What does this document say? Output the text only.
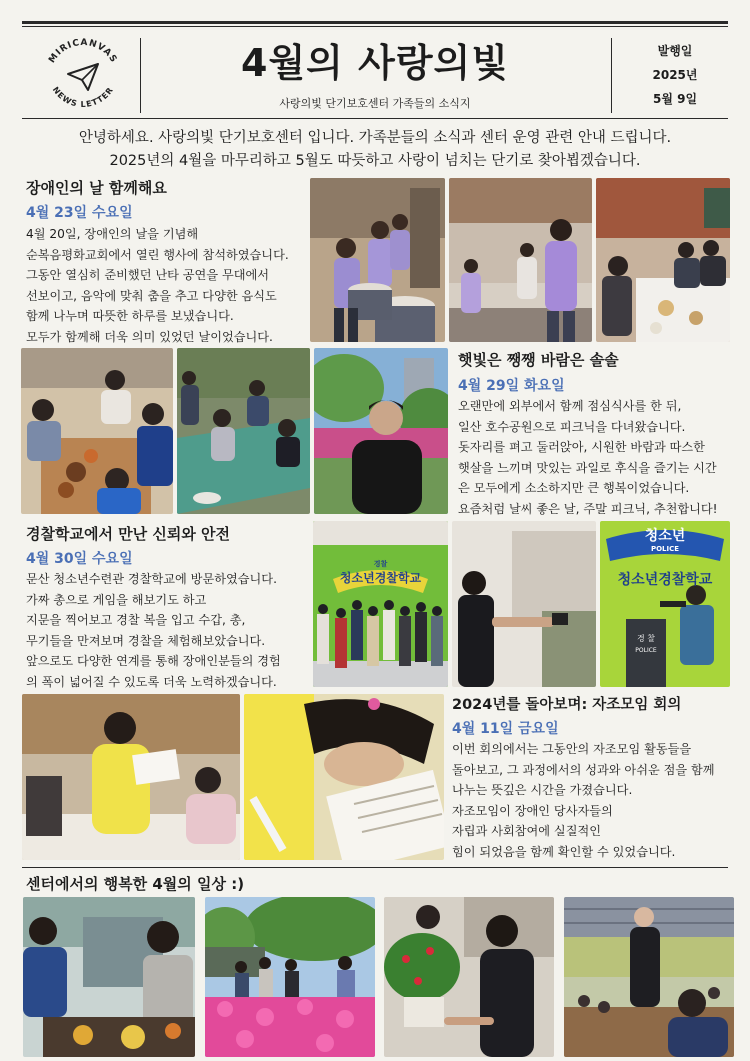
MIRICANVAS
NEWS LETTER
4월의 사랑의빛
사랑의빛 단기보호센터 가족들의 소식지
발행일
2025년
5월 9일
안녕하세요. 사랑의빛 단기보호센터 입니다. 가족분들의 소식과 센터 운영 관련 안내 드립니다.
2025년의 4월을 마무리하고 5월도 따듯하고 사랑이 넘치는 단기로 찾아뵙겠습니다.
장애인의 날 함께해요
4월 23일 수요일
4월 20일, 장애인의 날을 기념해
순복음평화교회에서 열린 행사에 참석하였습니다.
그동안 열심히 준비했던 난타 공연을 무대에서
선보이고, 음악에 맞춰 춤을 추고 다양한 음식도
함께 나누며 따뜻한 하루를 보냈습니다.
모두가 함께해 더욱 의미 있었던 날이었습니다.
햇빛은 쨍쨍 바람은 솔솔
4월 29일 화요일
오랜만에 외부에서 함께 점심식사를 한 뒤,
일산 호수공원으로 피크닉을 다녀왔습니다.
돗자리를 펴고 둘러앉아, 시원한 바람과 따스한
햇살을 느끼며 맛있는 과일로 후식을 즐기는 시간
은 모두에게 소소하지만 큰 행복이었습니다.
요즘처럼 날씨 좋은 날, 주말 피크닉, 추천합니다!
경찰학교에서 만난 신뢰와 안전
4월 30일 수요일
문산 청소년수련관 경찰학교에 방문하였습니다.
가짜 총으로 게임을 해보기도 하고
지문을 찍어보고 경찰 복을 입고 수갑, 총,
무기들을 만져보며 경찰을 체험해보았습니다.
앞으로도 다양한 연계를 통해 장애인분들의 경험
의 폭이 넓어질 수 있도록 더욱 노력하겠습니다.
경찰
청소년경찰학교
청소년
POLICE
청소년경찰학교
경 찰
POLICE
2024년를 돌아보며: 자조모임 회의
4월 11일 금요일
이번 회의에서는 그동안의 자조모임 활동들을
돌아보고, 그 과정에서의 성과와 아쉬운 점을 함께
나누는 뜻깊은 시간을 가졌습니다.
자조모임이 장애인 당사자들의
자립과 사회참여에 실질적인
힘이 되었음을 함께 확인할 수 있었습니다.
센터에서의 행복한 4월의 일상 :)
